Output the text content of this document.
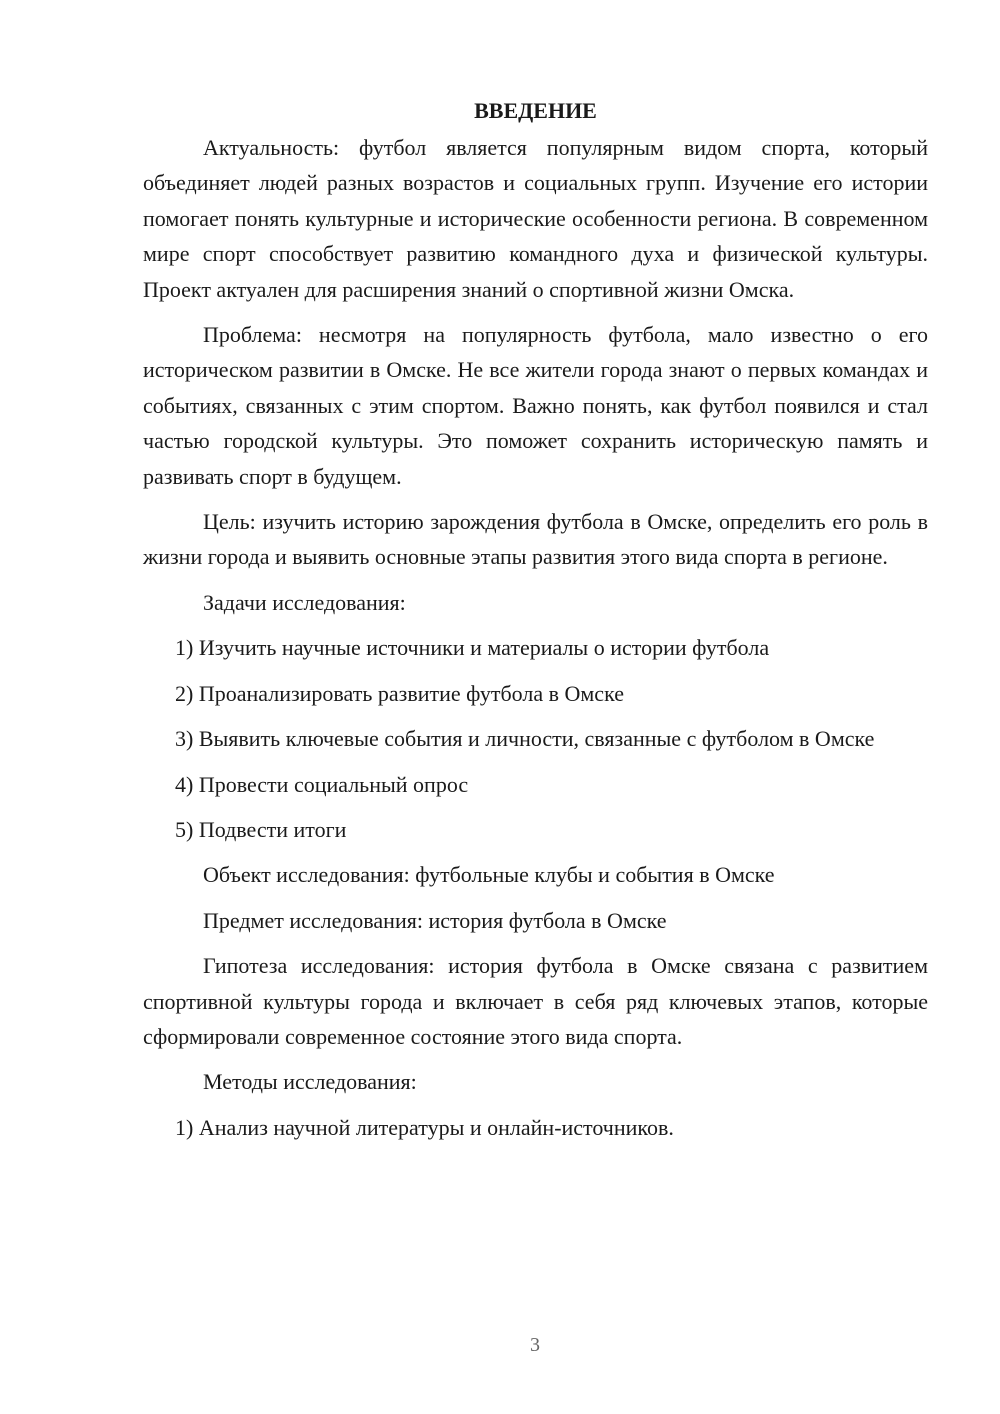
ВВЕДЕНИЕ

Актуальность: футбол является популярным видом спорта, который объединяет людей разных возрастов и социальных групп. Изучение его истории помогает понять культурные и исторические особенности региона. В современном мире спорт способствует развитию командного духа и физической культуры. Проект актуален для расширения знаний о спортивной жизни Омска.

Проблема: несмотря на популярность футбола, мало известно о его историческом развитии в Омске. Не все жители города знают о первых командах и событиях, связанных с этим спортом. Важно понять, как футбол появился и стал частью городской культуры. Это поможет сохранить историческую память и развивать спорт в будущем.

Цель: изучить историю зарождения футбола в Омске, определить его роль в жизни города и выявить основные этапы развития этого вида спорта в регионе.

Задачи исследования:

1) Изучить научные источники и материалы о истории футбола

2) Проанализировать развитие футбола в Омске

3) Выявить ключевые события и личности, связанные с футболом в Омске

4) Провести социальный опрос

5) Подвести итоги

Объект исследования: футбольные клубы и события в Омске

Предмет исследования: история футбола в Омске

Гипотеза исследования: история футбола в Омске связана с развитием спортивной культуры города и включает в себя ряд ключевых этапов, которые сформировали современное состояние этого вида спорта.

Методы исследования:

1) Анализ научной литературы и онлайн-источников.

3
